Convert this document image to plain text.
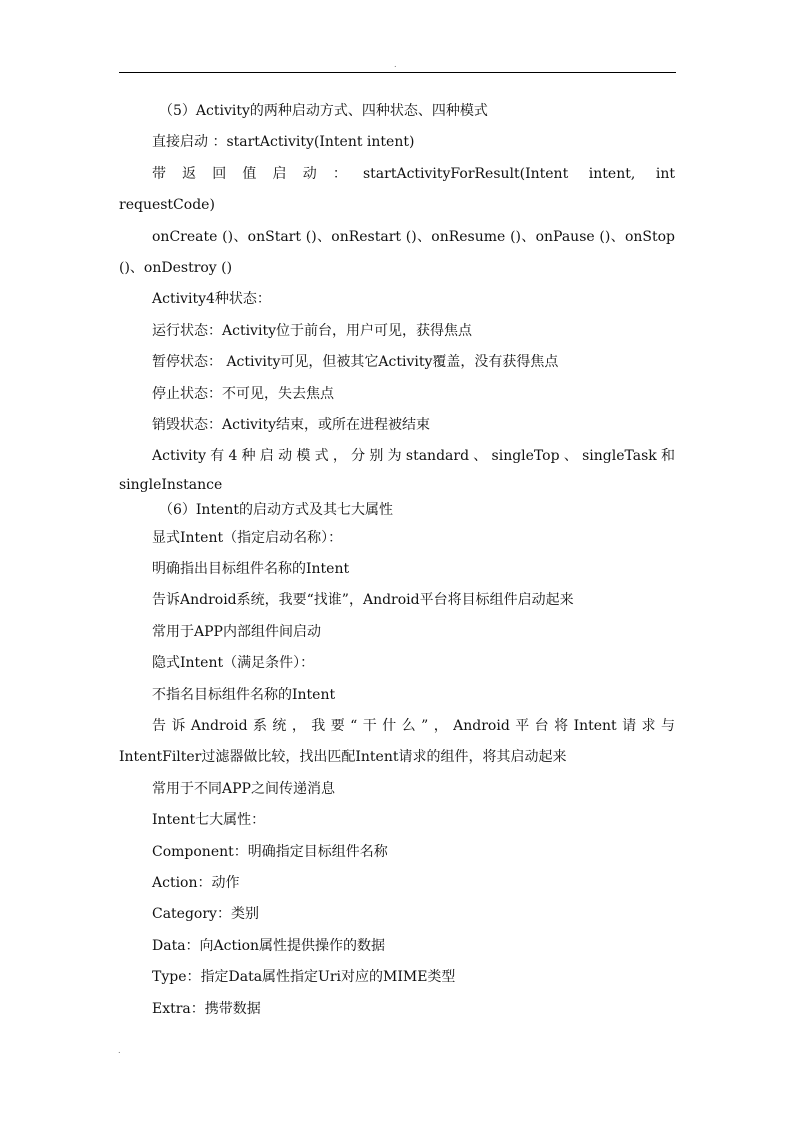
.
（5）Activity的两种启动方式、四种状态、四种模式
直接启动 ：startActivity(Intent intent)
带返回值启动：startActivityForResult(Intent intent, int
requestCode)
onCreate ()、onStart ()、onRestart ()、onResume ()、onPause ()、onStop
()、onDestroy ()
Activity4种状态：
运行状态：Activity位于前台，用户可见，获得焦点
暂停状态： Activity可见，但被其它Activity覆盖，没有获得焦点
停止状态：不可见，失去焦点
销毁状态：Activity结束，或所在进程被结束
Activity有4种启动模式，分别为standard、singleTop、singleTask和
singleInstance
（6）Intent的启动方式及其七大属性
显式Intent（指定启动名称）：
明确指出目标组件名称的Intent
告诉Android系统，我要“找谁”，Android平台将目标组件启动起来
常用于APP内部组件间启动
隐式Intent（满足条件）：
不指名目标组件名称的Intent
告诉Android系统，我要“干什么”，Android平台将Intent请求与
IntentFilter过滤器做比较，找出匹配Intent请求的组件，将其启动起来
常用于不同APP之间传递消息
Intent七大属性：
Component：明确指定目标组件名称
Action：动作
Category：类别
Data：向Action属性提供操作的数据
Type：指定Data属性指定Uri对应的MIME类型
Extra：携带数据
.
